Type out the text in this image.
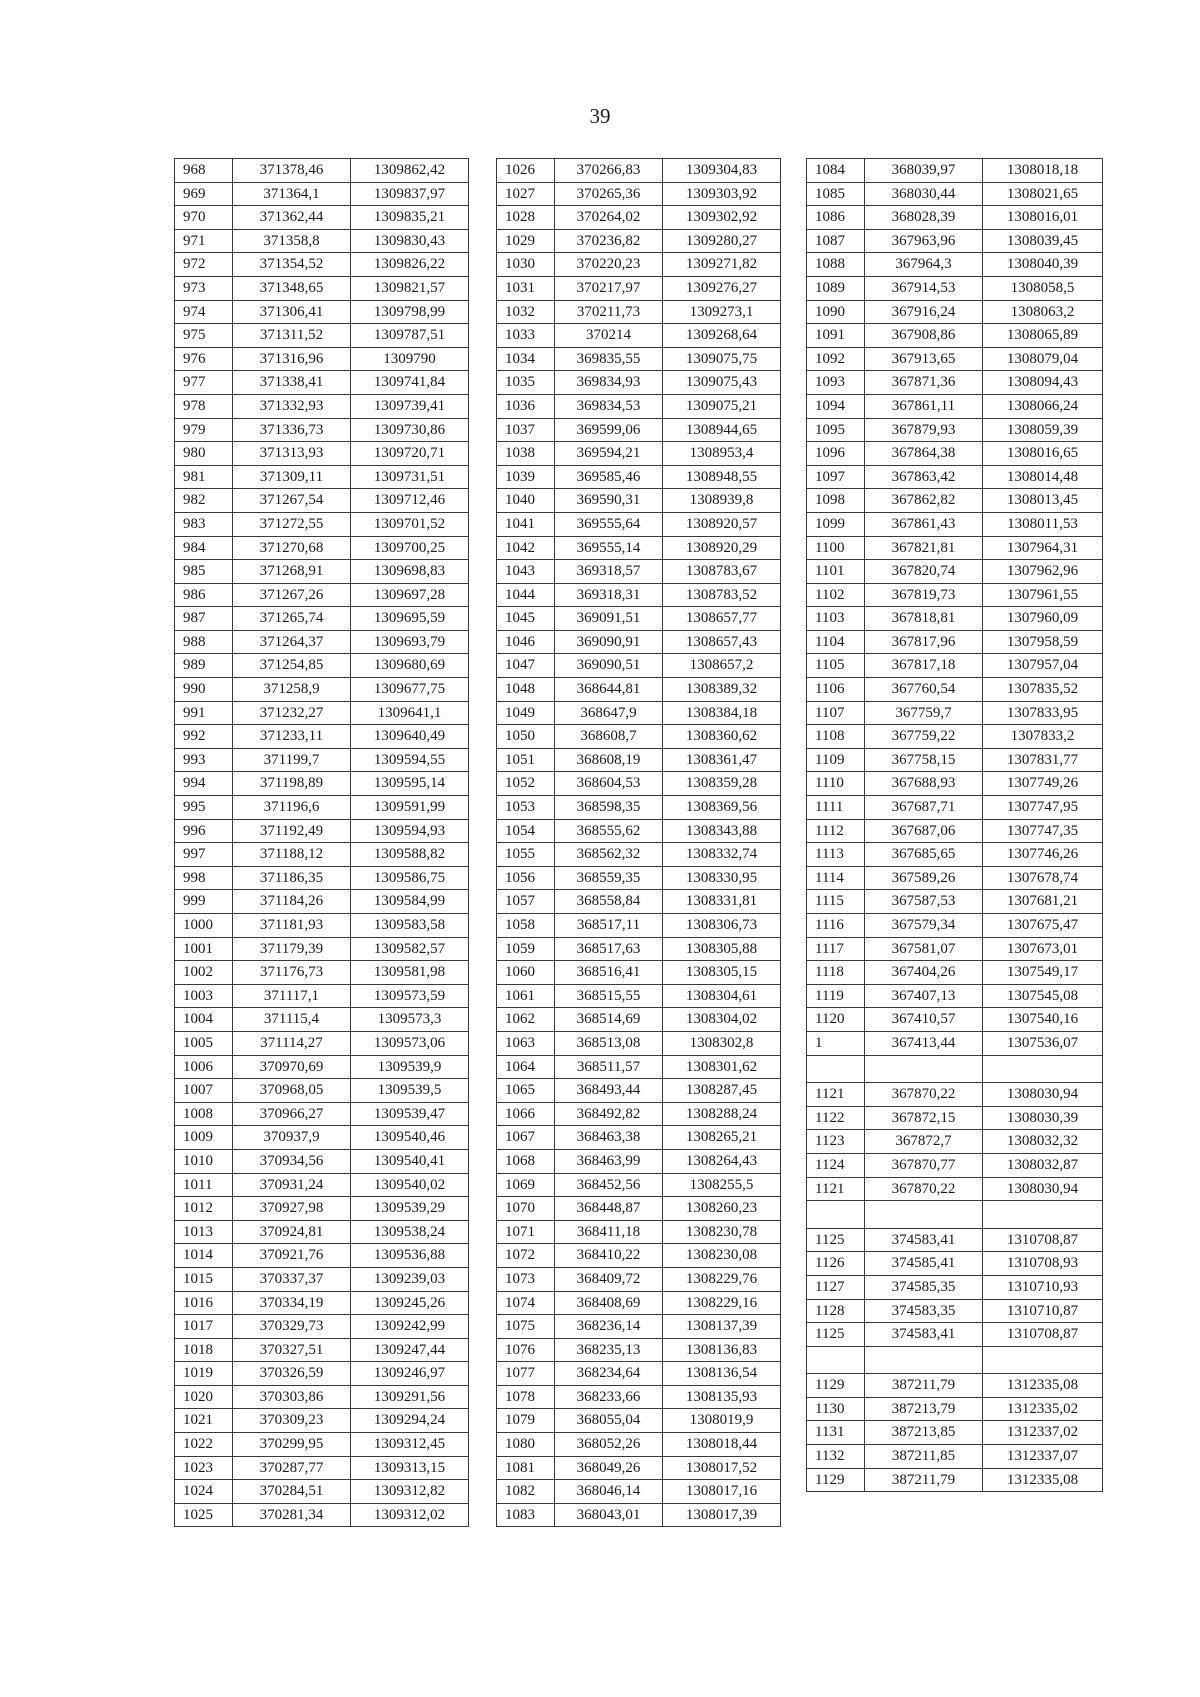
39
968	371378,46	1309862,42
969	371364,1	1309837,97
970	371362,44	1309835,21
971	371358,8	1309830,43
972	371354,52	1309826,22
973	371348,65	1309821,57
974	371306,41	1309798,99
975	371311,52	1309787,51
976	371316,96	1309790
977	371338,41	1309741,84
978	371332,93	1309739,41
979	371336,73	1309730,86
980	371313,93	1309720,71
981	371309,11	1309731,51
982	371267,54	1309712,46
983	371272,55	1309701,52
984	371270,68	1309700,25
985	371268,91	1309698,83
986	371267,26	1309697,28
987	371265,74	1309695,59
988	371264,37	1309693,79
989	371254,85	1309680,69
990	371258,9	1309677,75
991	371232,27	1309641,1
992	371233,11	1309640,49
993	371199,7	1309594,55
994	371198,89	1309595,14
995	371196,6	1309591,99
996	371192,49	1309594,93
997	371188,12	1309588,82
998	371186,35	1309586,75
999	371184,26	1309584,99
1000	371181,93	1309583,58
1001	371179,39	1309582,57
1002	371176,73	1309581,98
1003	371117,1	1309573,59
1004	371115,4	1309573,3
1005	371114,27	1309573,06
1006	370970,69	1309539,9
1007	370968,05	1309539,5
1008	370966,27	1309539,47
1009	370937,9	1309540,46
1010	370934,56	1309540,41
1011	370931,24	1309540,02
1012	370927,98	1309539,29
1013	370924,81	1309538,24
1014	370921,76	1309536,88
1015	370337,37	1309239,03
1016	370334,19	1309245,26
1017	370329,73	1309242,99
1018	370327,51	1309247,44
1019	370326,59	1309246,97
1020	370303,86	1309291,56
1021	370309,23	1309294,24
1022	370299,95	1309312,45
1023	370287,77	1309313,15
1024	370284,51	1309312,82
1025	370281,34	1309312,02
1026	370266,83	1309304,83
1027	370265,36	1309303,92
1028	370264,02	1309302,92
1029	370236,82	1309280,27
1030	370220,23	1309271,82
1031	370217,97	1309276,27
1032	370211,73	1309273,1
1033	370214	1309268,64
1034	369835,55	1309075,75
1035	369834,93	1309075,43
1036	369834,53	1309075,21
1037	369599,06	1308944,65
1038	369594,21	1308953,4
1039	369585,46	1308948,55
1040	369590,31	1308939,8
1041	369555,64	1308920,57
1042	369555,14	1308920,29
1043	369318,57	1308783,67
1044	369318,31	1308783,52
1045	369091,51	1308657,77
1046	369090,91	1308657,43
1047	369090,51	1308657,2
1048	368644,81	1308389,32
1049	368647,9	1308384,18
1050	368608,7	1308360,62
1051	368608,19	1308361,47
1052	368604,53	1308359,28
1053	368598,35	1308369,56
1054	368555,62	1308343,88
1055	368562,32	1308332,74
1056	368559,35	1308330,95
1057	368558,84	1308331,81
1058	368517,11	1308306,73
1059	368517,63	1308305,88
1060	368516,41	1308305,15
1061	368515,55	1308304,61
1062	368514,69	1308304,02
1063	368513,08	1308302,8
1064	368511,57	1308301,62
1065	368493,44	1308287,45
1066	368492,82	1308288,24
1067	368463,38	1308265,21
1068	368463,99	1308264,43
1069	368452,56	1308255,5
1070	368448,87	1308260,23
1071	368411,18	1308230,78
1072	368410,22	1308230,08
1073	368409,72	1308229,76
1074	368408,69	1308229,16
1075	368236,14	1308137,39
1076	368235,13	1308136,83
1077	368234,64	1308136,54
1078	368233,66	1308135,93
1079	368055,04	1308019,9
1080	368052,26	1308018,44
1081	368049,26	1308017,52
1082	368046,14	1308017,16
1083	368043,01	1308017,39
1084	368039,97	1308018,18
1085	368030,44	1308021,65
1086	368028,39	1308016,01
1087	367963,96	1308039,45
1088	367964,3	1308040,39
1089	367914,53	1308058,5
1090	367916,24	1308063,2
1091	367908,86	1308065,89
1092	367913,65	1308079,04
1093	367871,36	1308094,43
1094	367861,11	1308066,24
1095	367879,93	1308059,39
1096	367864,38	1308016,65
1097	367863,42	1308014,48
1098	367862,82	1308013,45
1099	367861,43	1308011,53
1100	367821,81	1307964,31
1101	367820,74	1307962,96
1102	367819,73	1307961,55
1103	367818,81	1307960,09
1104	367817,96	1307958,59
1105	367817,18	1307957,04
1106	367760,54	1307835,52
1107	367759,7	1307833,95
1108	367759,22	1307833,2
1109	367758,15	1307831,77
1110	367688,93	1307749,26
1111	367687,71	1307747,95
1112	367687,06	1307747,35
1113	367685,65	1307746,26
1114	367589,26	1307678,74
1115	367587,53	1307681,21
1116	367579,34	1307675,47
1117	367581,07	1307673,01
1118	367404,26	1307549,17
1119	367407,13	1307545,08
1120	367410,57	1307540,16
1	367413,44	1307536,07

1121	367870,22	1308030,94
1122	367872,15	1308030,39
1123	367872,7	1308032,32
1124	367870,77	1308032,87
1121	367870,22	1308030,94

1125	374583,41	1310708,87
1126	374585,41	1310708,93
1127	374585,35	1310710,93
1128	374583,35	1310710,87
1125	374583,41	1310708,87

1129	387211,79	1312335,08
1130	387213,79	1312335,02
1131	387213,85	1312337,02
1132	387211,85	1312337,07
1129	387211,79	1312335,08
